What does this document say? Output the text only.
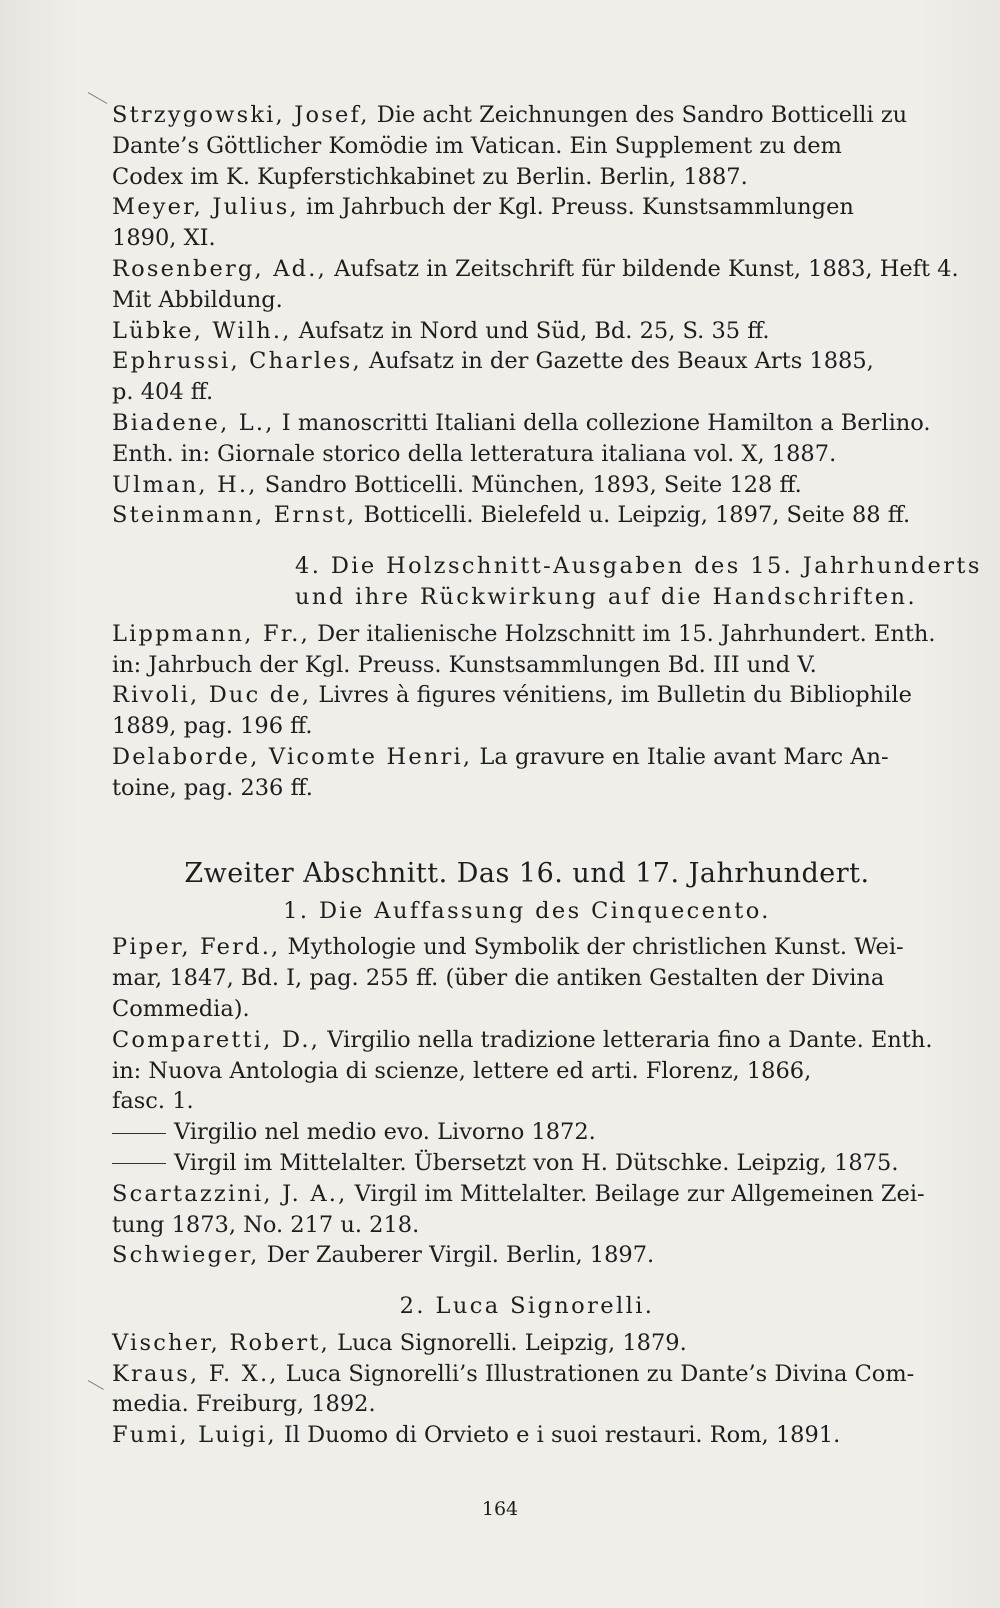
Strzygowski, Josef, Die acht Zeichnungen des Sandro Botticelli zu
Dante’s Göttlicher Komödie im Vatican. Ein Supplement zu dem
Codex im K. Kupferstichkabinet zu Berlin. Berlin, 1887.
Meyer, Julius, im Jahrbuch der Kgl. Preuss. Kunstsammlungen
1890, XI.
Rosenberg, Ad., Aufsatz in Zeitschrift für bildende Kunst, 1883, Heft 4.
Mit Abbildung.
Lübke, Wilh., Aufsatz in Nord und Süd, Bd. 25, S. 35 ff.
Ephrussi, Charles, Aufsatz in der Gazette des Beaux Arts 1885,
p. 404 ff.
Biadene, L., I manoscritti Italiani della collezione Hamilton a Berlino.
Enth. in: Giornale storico della letteratura italiana vol. X, 1887.
Ulman, H., Sandro Botticelli. München, 1893, Seite 128 ff.
Steinmann, Ernst, Botticelli. Bielefeld u. Leipzig, 1897, Seite 88 ff.
4. Die Holzschnitt-Ausgaben des 15. Jahrhunderts
und ihre Rückwirkung auf die Handschriften.
Lippmann, Fr., Der italienische Holzschnitt im 15. Jahrhundert. Enth.
in: Jahrbuch der Kgl. Preuss. Kunstsammlungen Bd. III und V.
Rivoli, Duc de, Livres à figures vénitiens, im Bulletin du Bibliophile
1889, pag. 196 ff.
Delaborde, Vicomte Henri, La gravure en Italie avant Marc An-
toine, pag. 236 ff.
Zweiter Abschnitt. Das 16. und 17. Jahrhundert.
1. Die Auffassung des Cinquecento.
Piper, Ferd., Mythologie und Symbolik der christlichen Kunst. Wei-
mar, 1847, Bd. I, pag. 255 ff. (über die antiken Gestalten der Divina
Commedia).
Comparetti, D., Virgilio nella tradizione letteraria fino a Dante. Enth.
in: Nuova Antologia di scienze, lettere ed arti. Florenz, 1866,
fasc. 1.
Virgilio nel medio evo. Livorno 1872.
Virgil im Mittelalter. Übersetzt von H. Dütschke. Leipzig, 1875.
Scartazzini, J. A., Virgil im Mittelalter. Beilage zur Allgemeinen Zei-
tung 1873, No. 217 u. 218.
Schwieger, Der Zauberer Virgil. Berlin, 1897.
2. Luca Signorelli.
Vischer, Robert, Luca Signorelli. Leipzig, 1879.
Kraus, F. X., Luca Signorelli’s Illustrationen zu Dante’s Divina Com-
media. Freiburg, 1892.
Fumi, Luigi, Il Duomo di Orvieto e i suoi restauri. Rom, 1891.
164
